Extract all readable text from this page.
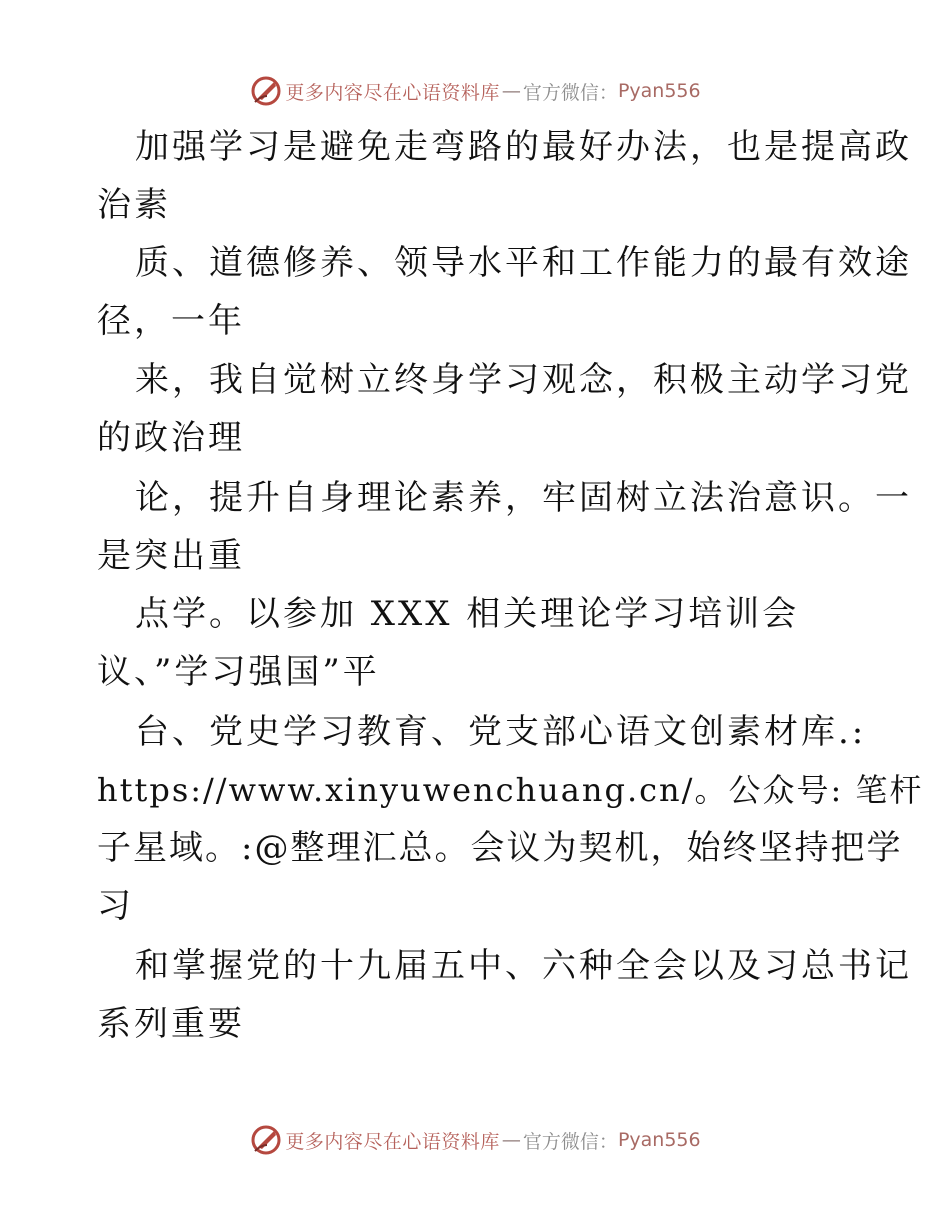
更多内容尽在心语资料库 — 官方微信： Pyan556
加强学习是避免走弯路的最好办法，也是提高政
治素
质、道德修养、领导水平和工作能力的最有效途
径，一年
来，我自觉树立终身学习观念，积极主动学习党
的政治理
论，提升自身理论素养，牢固树立法治意识。一
是突出重
点学。以参加 XXX 相关理论学习培训会
议、”学习强国”平
台、党史学习教育、党支部心语文创素材库.:
https://www.xinyuwenchuang.cn/。公众号: 笔杆
子星域。:@整理汇总。会议为契机，始终坚持把学
习
和掌握党的十九届五中、六种全会以及习总书记
系列重要
更多内容尽在心语资料库 — 官方微信： Pyan556
